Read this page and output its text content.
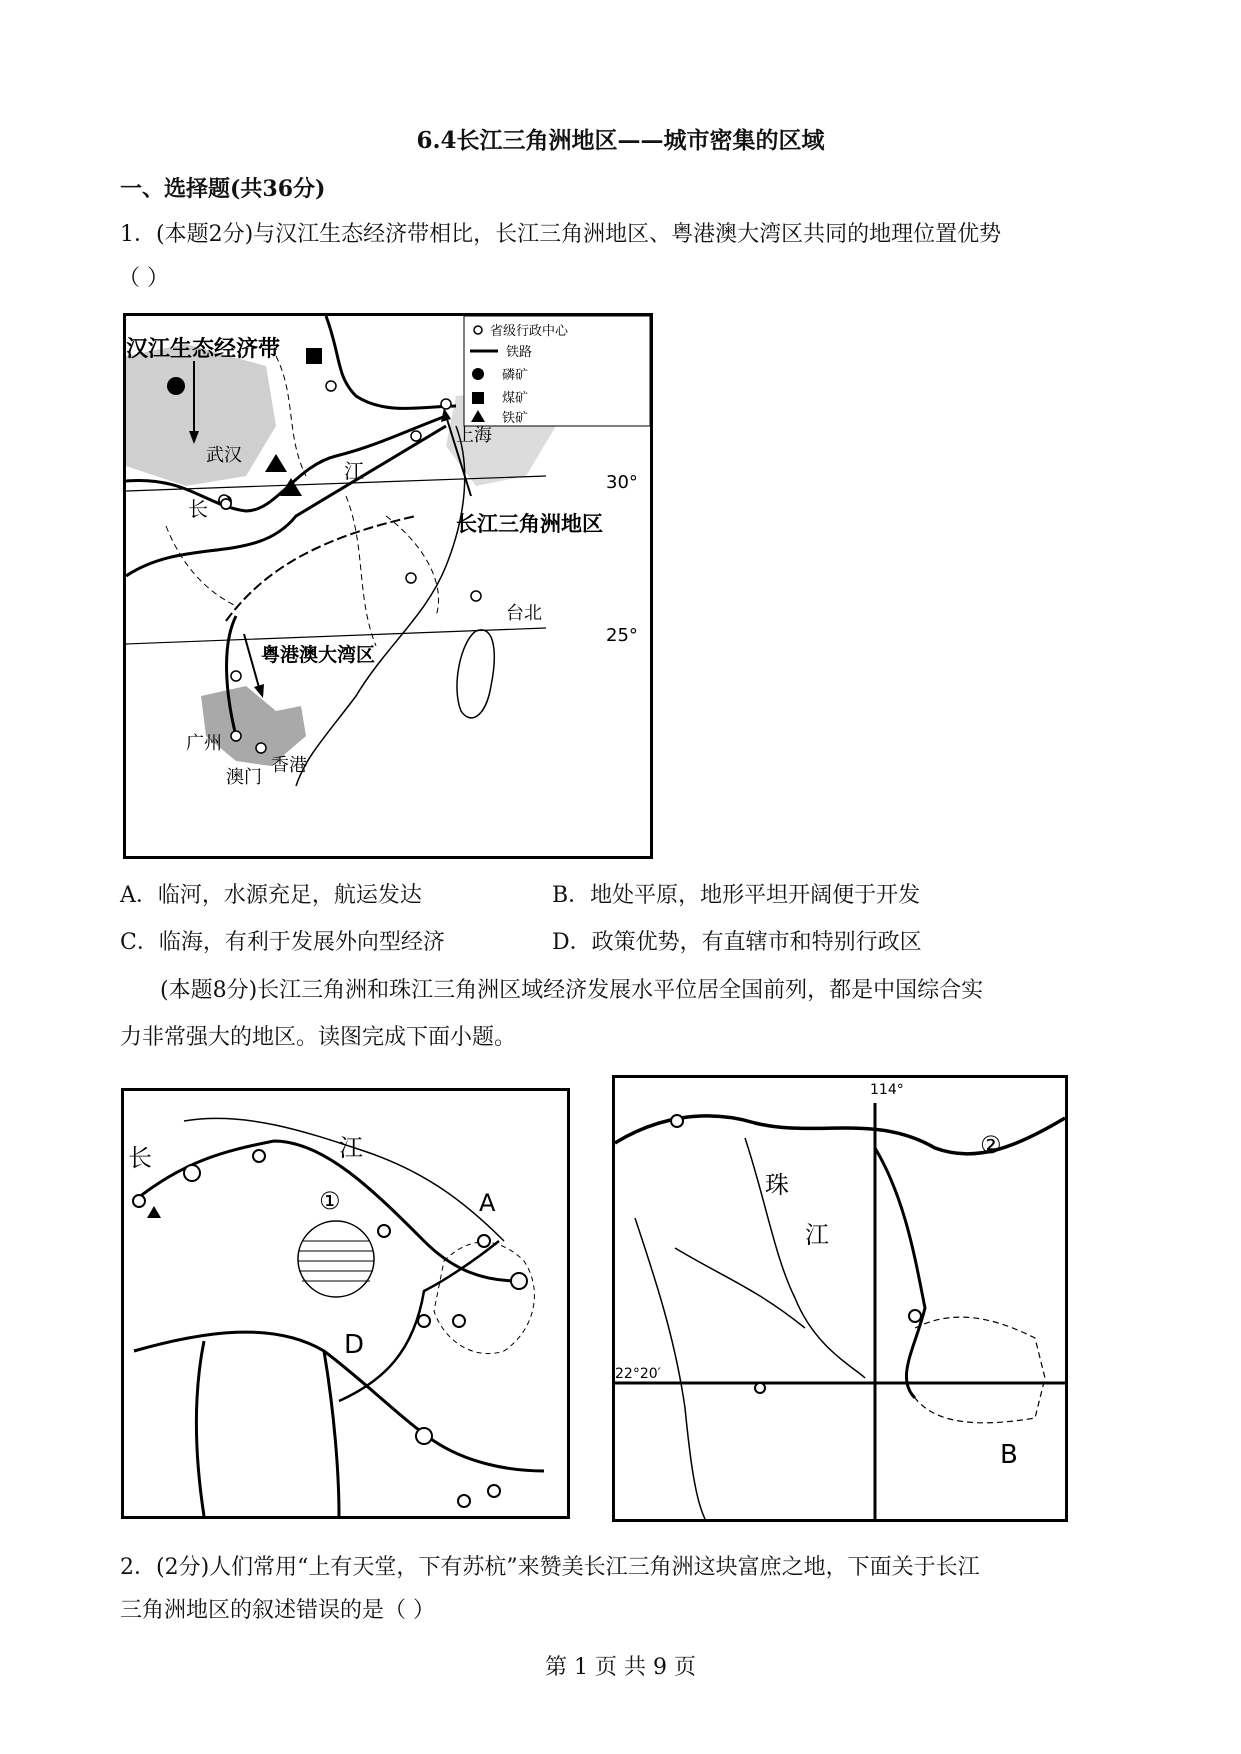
6.4长江三角洲地区——城市密集的区域
一、选择题(共36分)
1．(本题2分)与汉江生态经济带相比，长江三角洲地区、粤港澳大湾区共同的地理位置优势
（ ）
省级行政中心
铁路
磷矿
煤矿
铁矿
汉江生态经济带
武汉
江
长
上海
30°
长江三角洲地区
台北
25°
粤港澳大湾区
广州
澳门
香港
A．临河，水源充足，航运发达	B．地处平原，地形平坦开阔便于开发
C．临海，有利于发展外向型经济	D．政策优势，有直辖市和特别行政区
(本题8分)长江三角洲和珠江三角洲区域经济发展水平位居全国前列，都是中国综合实
力非常强大的地区。读图完成下面小题。
长	江
①	A
D
114°
②
珠
江
22°20′
B
2．(2分)人们常用“上有天堂，下有苏杭”来赞美长江三角洲这块富庶之地，下面关于长江
三角洲地区的叙述错误的是（ ）
第 1 页 共 9 页
